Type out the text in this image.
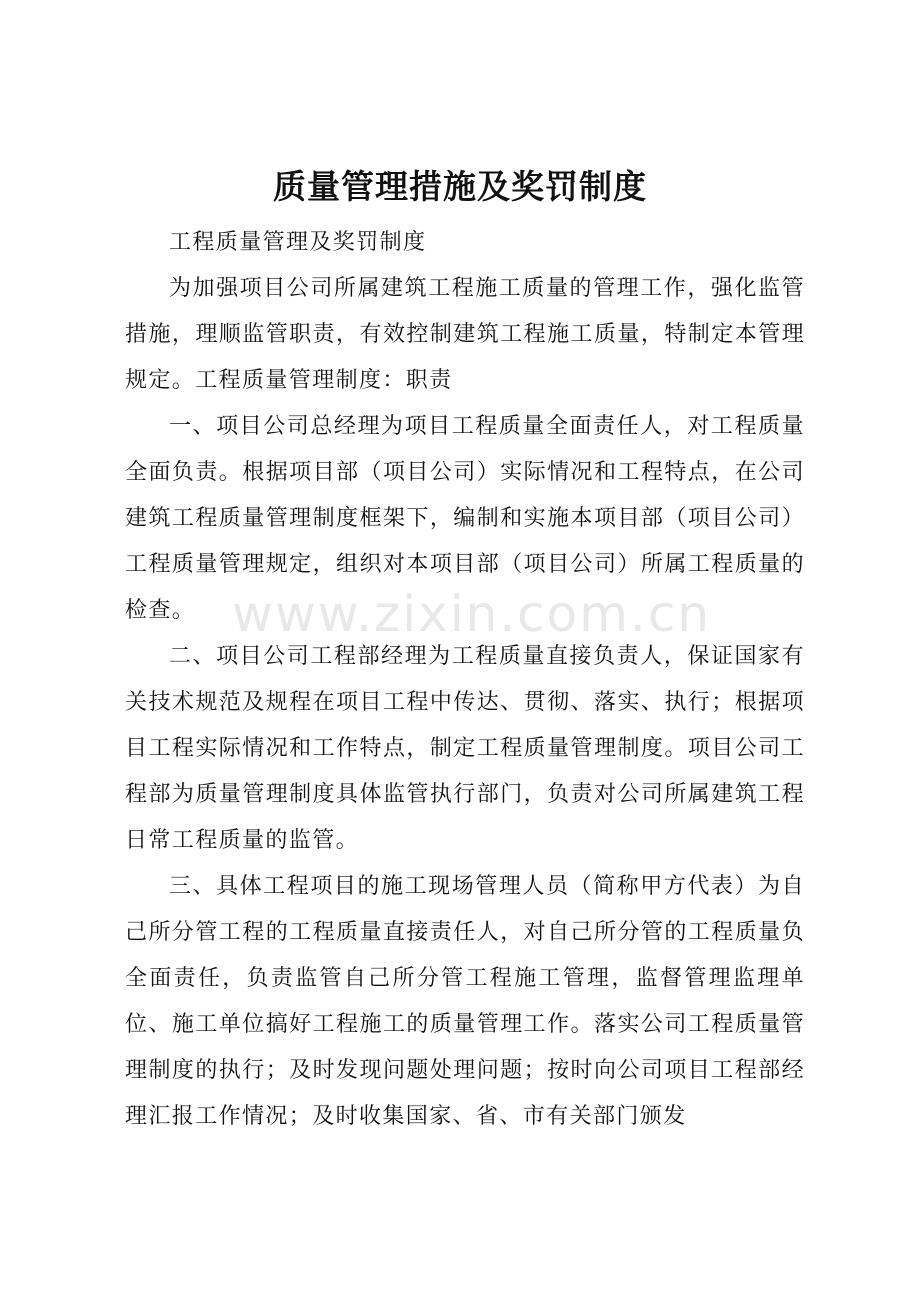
www.zixin.com.cn
质量管理措施及奖罚制度

工程质量管理及奖罚制度

为加强项目公司所属建筑工程施工质量的管理工作，强化监管措施，理顺监管职责，有效控制建筑工程施工质量，特制定本管理规定。工程质量管理制度：职责

一、项目公司总经理为项目工程质量全面责任人，对工程质量全面负责。根据项目部（项目公司）实际情况和工程特点，在公司建筑工程质量管理制度框架下，编制和实施本项目部（项目公司）工程质量管理规定，组织对本项目部（项目公司）所属工程质量的检查。

二、项目公司工程部经理为工程质量直接负责人，保证国家有关技术规范及规程在项目工程中传达、贯彻、落实、执行；根据项目工程实际情况和工作特点，制定工程质量管理制度。项目公司工程部为质量管理制度具体监管执行部门，负责对公司所属建筑工程日常工程质量的监管。

三、具体工程项目的施工现场管理人员（简称甲方代表）为自己所分管工程的工程质量直接责任人，对自己所分管的工程质量负全面责任，负责监管自己所分管工程施工管理，监督管理监理单位、施工单位搞好工程施工的质量管理工作。落实公司工程质量管理制度的执行；及时发现问题处理问题；按时向公司项目工程部经理汇报工作情况；及时收集国家、省、市有关部门颁发
